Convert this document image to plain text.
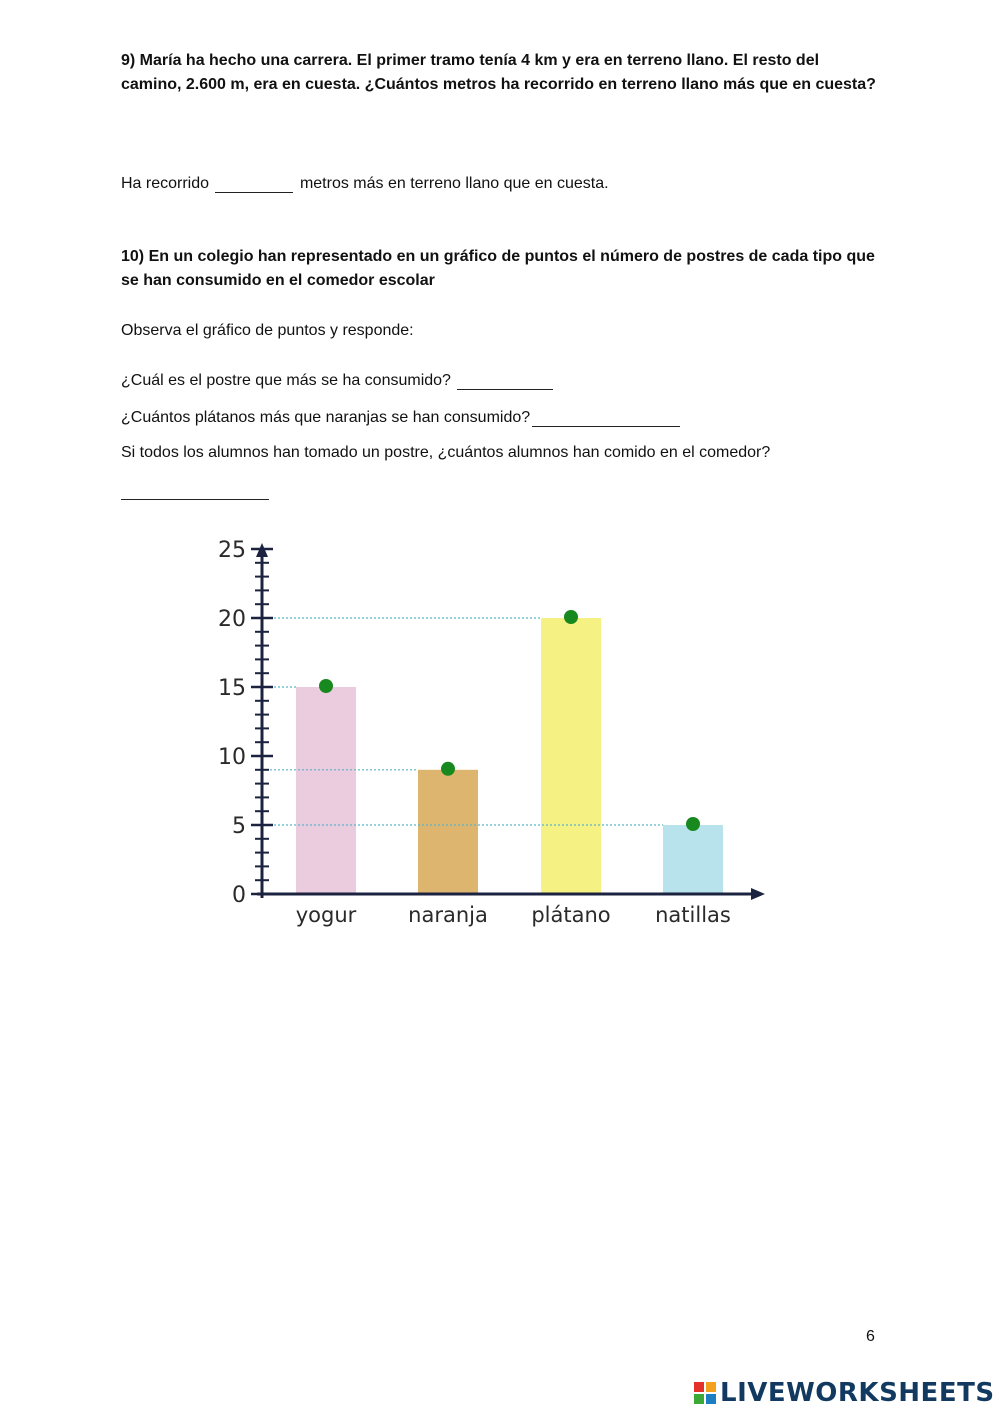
9) María ha hecho una carrera. El primer tramo tenía 4 km y era en terreno llano. El resto del camino, 2.600 m, era en cuesta. ¿Cuántos metros ha recorrido en terreno llano más que en cuesta?

Ha recorrido	metros más en terreno llano que en cuesta.

10) En un colegio han representado en un gráfico de puntos el número de postres de cada tipo que se han consumido en el comedor escolar

Observa el gráfico de puntos y responde:

¿Cuál es el postre que más se ha consumido?

¿Cuántos plátanos más que naranjas se han consumido?

Si todos los alumnos han tomado un postre, ¿cuántos alumnos han comido en el comedor?

0
5
10
15
20
25
yogur naranja plátano natillas
6
LIVEWORKSHEETS
